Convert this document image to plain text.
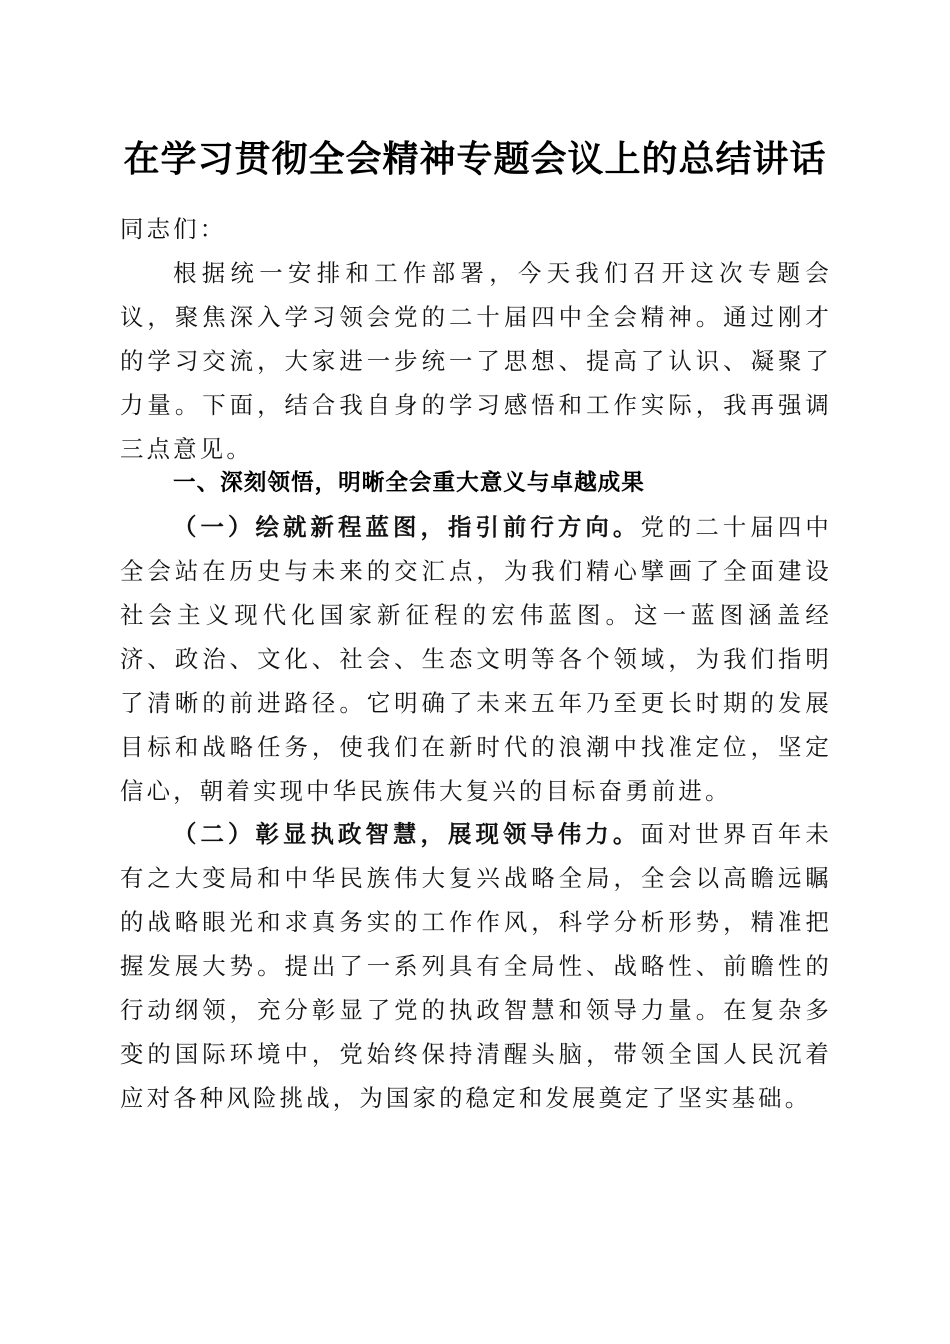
在学习贯彻全会精神专题会议上的总结讲话

同志们：

根据统一安排和工作部署，今天我们召开这次专题会议，聚焦深入学习领会党的二十届四中全会精神。通过刚才的学习交流，大家进一步统一了思想、提高了认识、凝聚了力量。下面，结合我自身的学习感悟和工作实际，我再强调三点意见。

一、深刻领悟，明晰全会重大意义与卓越成果

（一）绘就新程蓝图，指引前行方向。党的二十届四中全会站在历史与未来的交汇点，为我们精心擘画了全面建设社会主义现代化国家新征程的宏伟蓝图。这一蓝图涵盖经济、政治、文化、社会、生态文明等各个领域，为我们指明了清晰的前进路径。它明确了未来五年乃至更长时期的发展目标和战略任务，使我们在新时代的浪潮中找准定位，坚定信心，朝着实现中华民族伟大复兴的目标奋勇前进。

（二）彰显执政智慧，展现领导伟力。面对世界百年未有之大变局和中华民族伟大复兴战略全局，全会以高瞻远瞩的战略眼光和求真务实的工作作风，科学分析形势，精准把握发展大势。提出了一系列具有全局性、战略性、前瞻性的行动纲领，充分彰显了党的执政智慧和领导力量。在复杂多变的国际环境中，党始终保持清醒头脑，带领全国人民沉着应对各种风险挑战，为国家的稳定和发展奠定了坚实基础。
